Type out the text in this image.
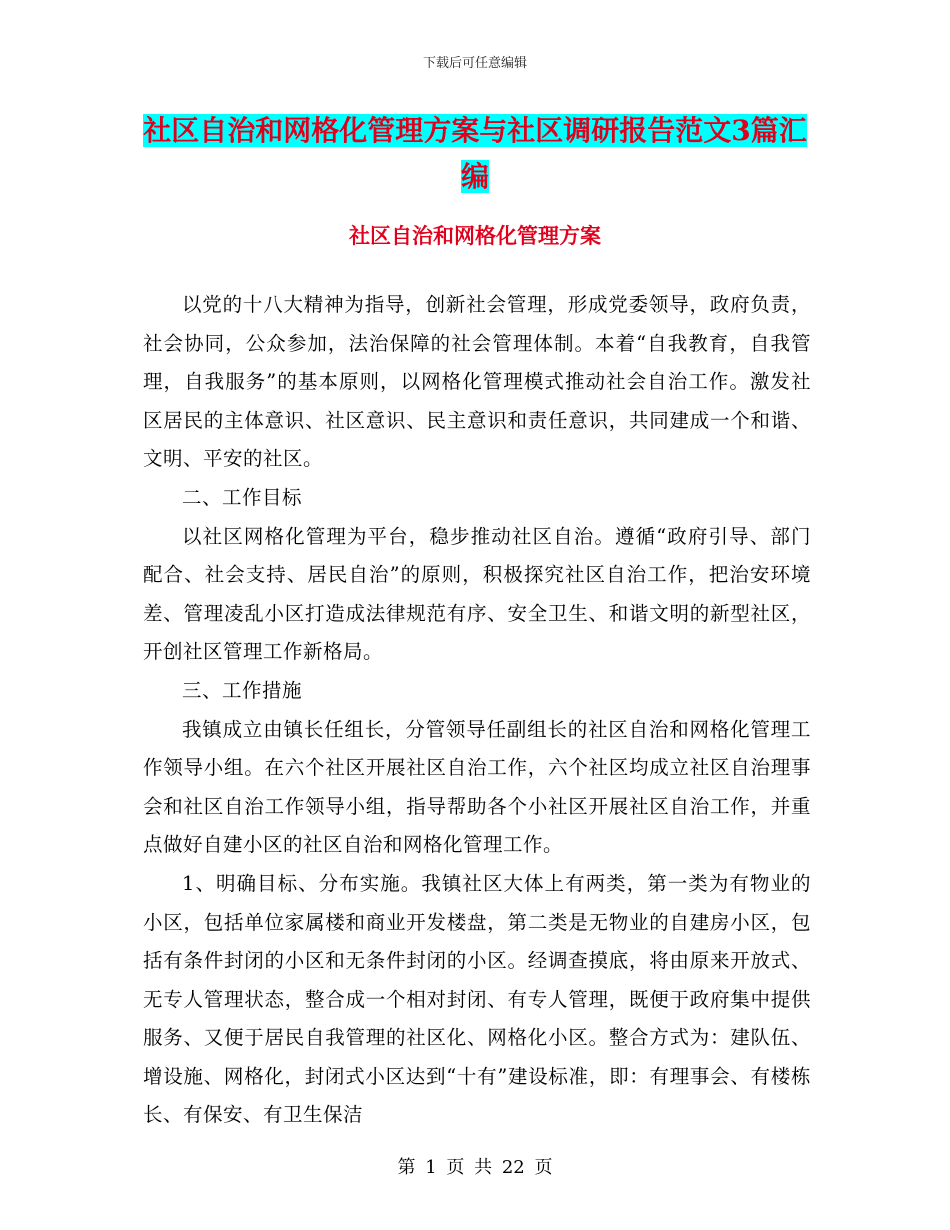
下载后可任意编辑
社区自治和网格化管理方案与社区调研报告范文3篇汇编
社区自治和网格化管理方案

以党的十八大精神为指导，创新社会管理，形成党委领导，政府负责，社会协同，公众参加，法治保障的社会管理体制。本着“自我教育，自我管理，自我服务”的基本原则，以网格化管理模式推动社会自治工作。激发社区居民的主体意识、社区意识、民主意识和责任意识，共同建成一个和谐、文明、平安的社区。

二、工作目标

以社区网格化管理为平台，稳步推动社区自治。遵循“政府引导、部门配合、社会支持、居民自治”的原则，积极探究社区自治工作，把治安环境差、管理凌乱小区打造成法律规范有序、安全卫生、和谐文明的新型社区，开创社区管理工作新格局。

三、工作措施

我镇成立由镇长任组长，分管领导任副组长的社区自治和网格化管理工作领导小组。在六个社区开展社区自治工作，六个社区均成立社区自治理事会和社区自治工作领导小组，指导帮助各个小社区开展社区自治工作，并重点做好自建小区的社区自治和网格化管理工作。

1、明确目标、分布实施。我镇社区大体上有两类，第一类为有物业的小区，包括单位家属楼和商业开发楼盘，第二类是无物业的自建房小区，包括有条件封闭的小区和无条件封闭的小区。经调查摸底，将由原来开放式、无专人管理状态，整合成一个相对封闭、有专人管理，既便于政府集中提供服务、又便于居民自我管理的社区化、网格化小区。整合方式为：建队伍、增设施、网格化，封闭式小区达到“十有”建设标准，即：有理事会、有楼栋长、有保安、有卫生保洁

第 1 页 共 22 页
